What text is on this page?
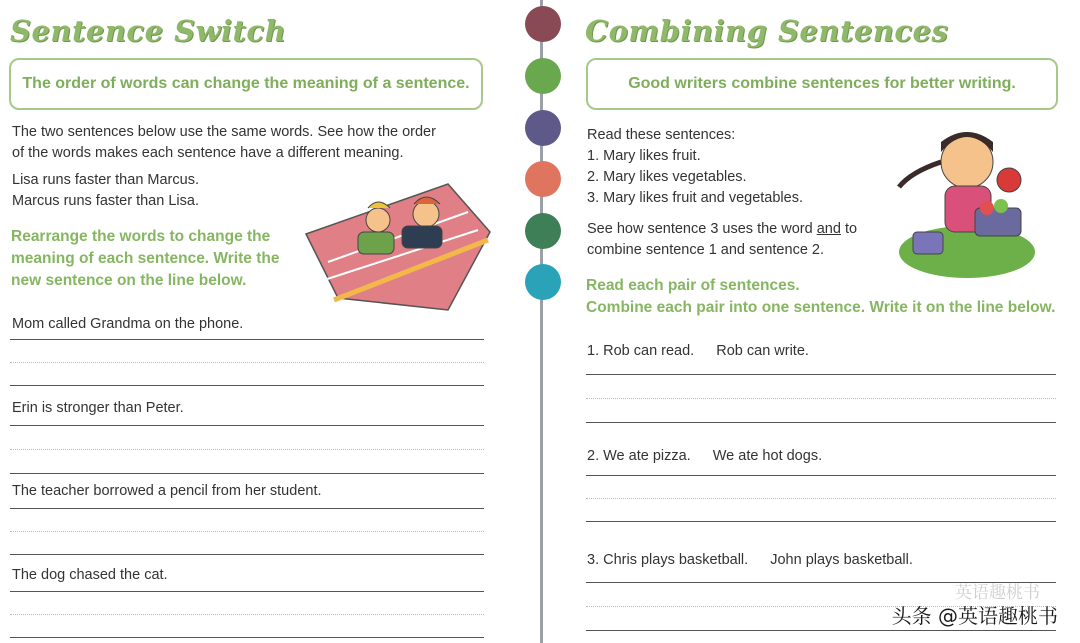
Sentence Switch
The order of words can change the meaning of a sentence.
The two sentences below use the same words. See how the order
of the words makes each sentence have a different meaning.
Lisa runs faster than Marcus.
Marcus runs faster than Lisa.
Rearrange the words to change the
meaning of each sentence. Write the
new sentence on the line below.
Mom called Grandma on the phone.
Erin is stronger than Peter.
The teacher borrowed a pencil from her student.
The dog chased the cat.
Combining Sentences
Good writers combine sentences for better writing.
Read these sentences:
1. Mary likes fruit.
2. Mary likes vegetables.
3. Mary likes fruit and vegetables.
See how sentence 3 uses the word and to
combine sentence 1 and sentence 2.
Read each pair of sentences.
Combine each pair into one sentence. Write it on the line below.
1. Rob can read. Rob can write.
2. We ate pizza. We ate hot dogs.
3. Chris plays basketball. John plays basketball.
英语趣桃书
头条 @英语趣桃书
